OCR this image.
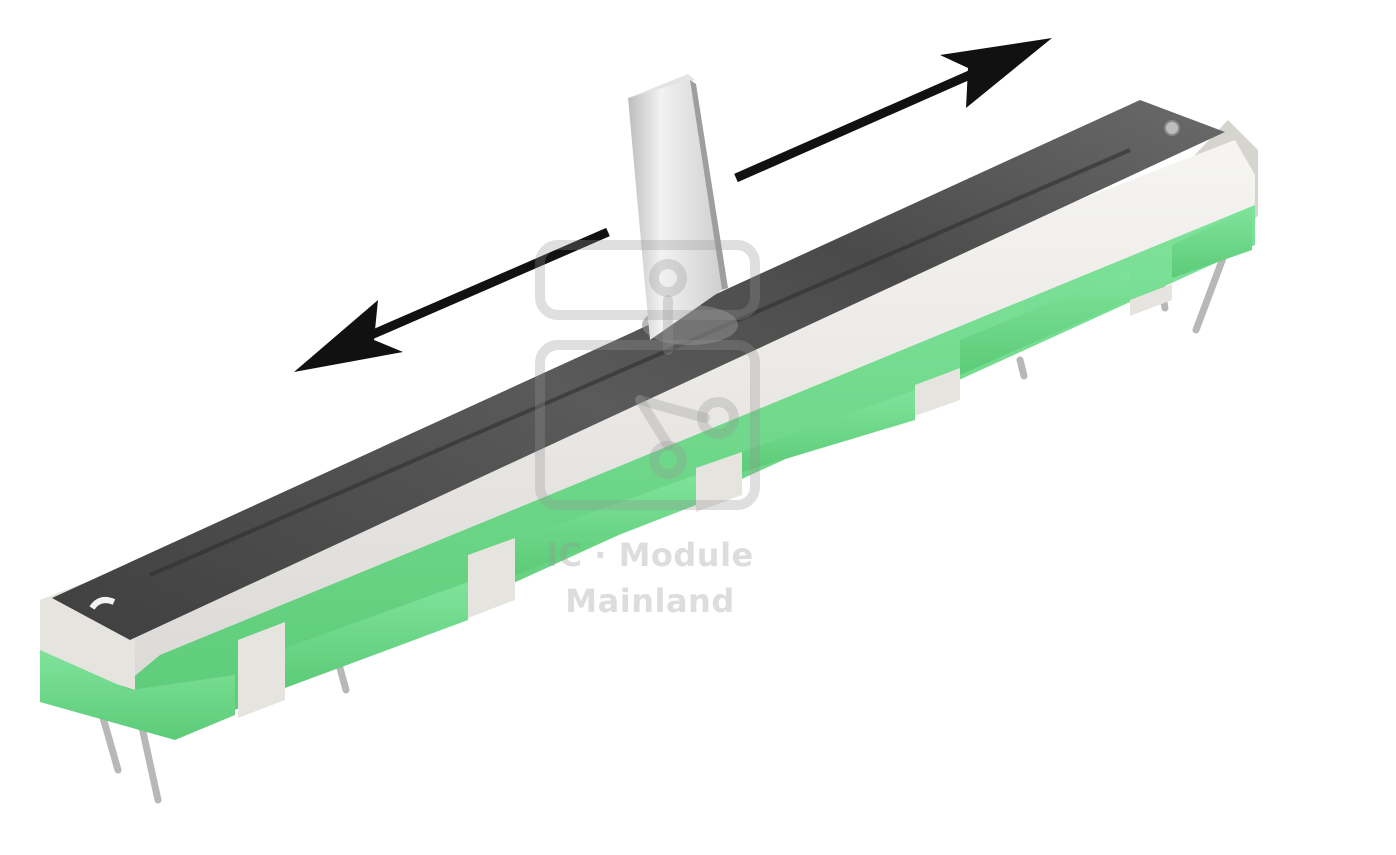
IC · Module
Mainland
